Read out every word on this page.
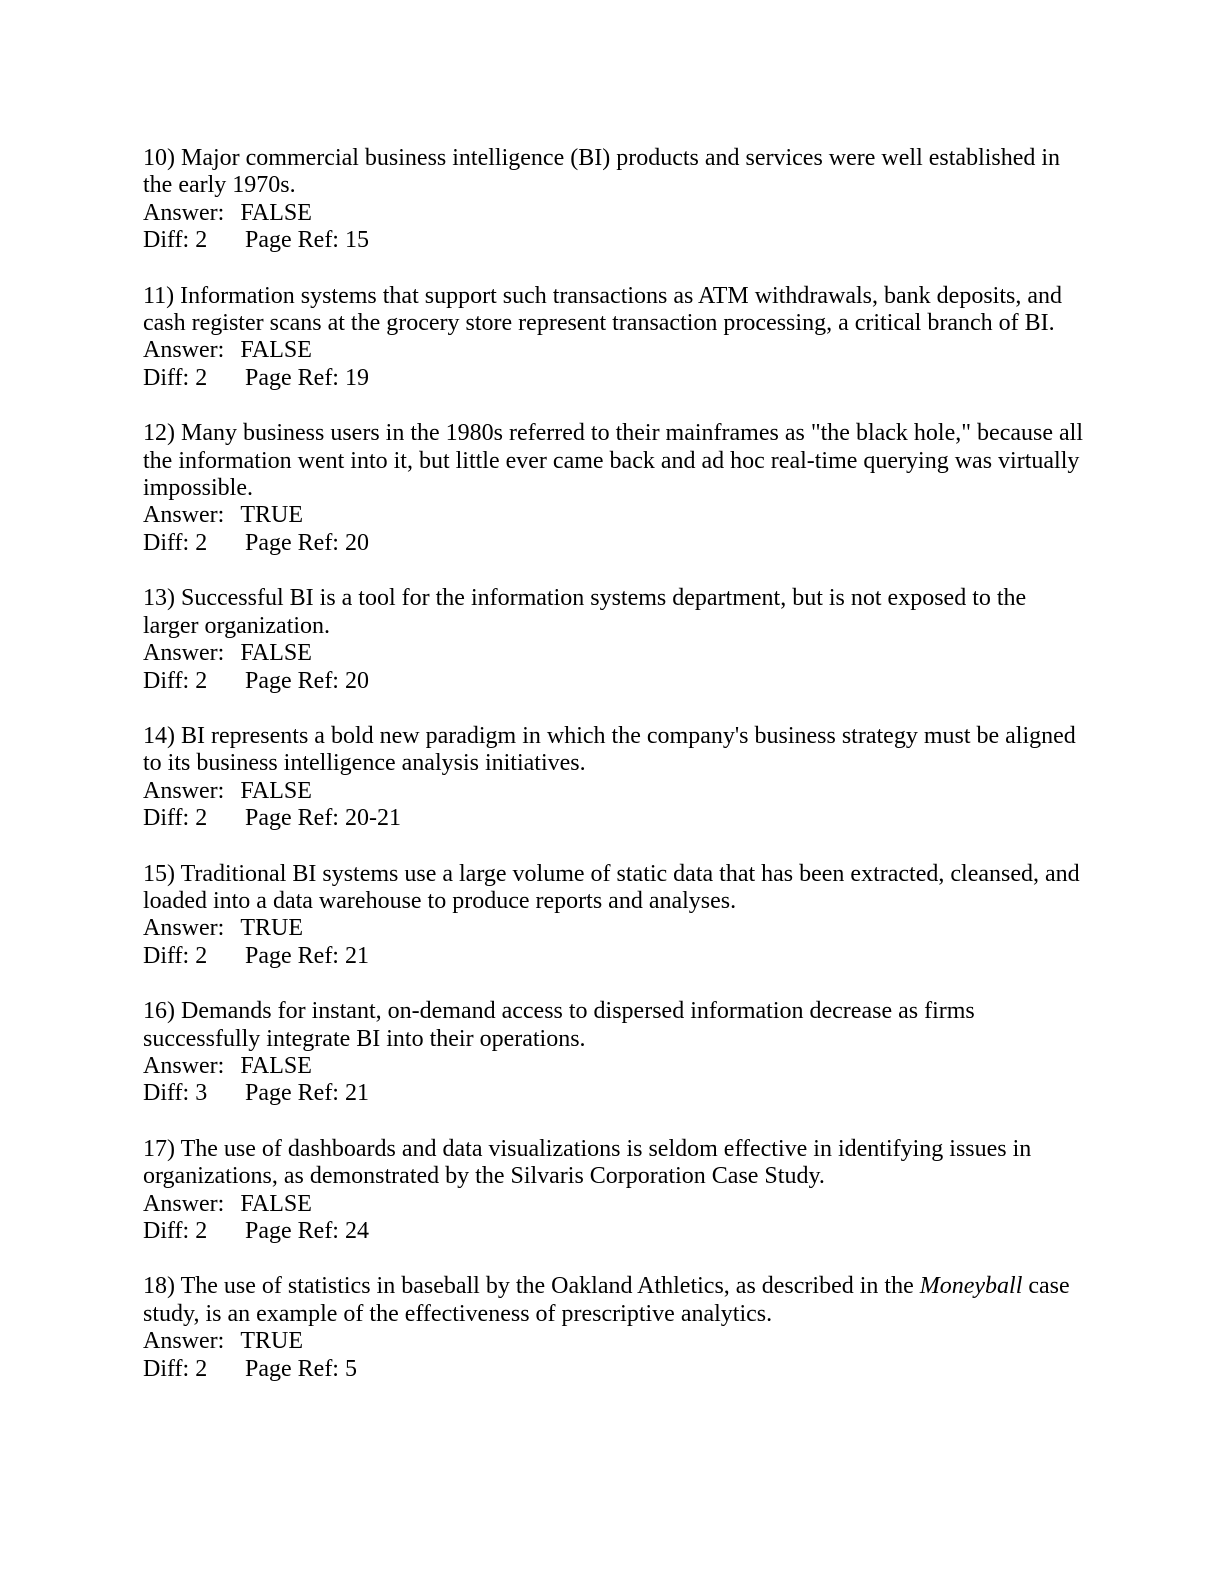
10) Major commercial business intelligence (BI) products and services were well established in the early 1970s.

Answer: FALSE

Diff: 2 Page Ref: 15

11) Information systems that support such transactions as ATM withdrawals, bank deposits, and cash register scans at the grocery store represent transaction processing, a critical branch of BI.

Answer: FALSE

Diff: 2 Page Ref: 19

12) Many business users in the 1980s referred to their mainframes as "the black hole," because all the information went into it, but little ever came back and ad hoc real-time querying was virtually impossible.

Answer: TRUE

Diff: 2 Page Ref: 20

13) Successful BI is a tool for the information systems department, but is not exposed to the larger organization.

Answer: FALSE

Diff: 2 Page Ref: 20

14) BI represents a bold new paradigm in which the company's business strategy must be aligned to its business intelligence analysis initiatives.

Answer: FALSE

Diff: 2 Page Ref: 20-21

15) Traditional BI systems use a large volume of static data that has been extracted, cleansed, and loaded into a data warehouse to produce reports and analyses.

Answer: TRUE

Diff: 2 Page Ref: 21

16) Demands for instant, on-demand access to dispersed information decrease as firms successfully integrate BI into their operations.

Answer: FALSE

Diff: 3 Page Ref: 21

17) The use of dashboards and data visualizations is seldom effective in identifying issues in organizations, as demonstrated by the Silvaris Corporation Case Study.

Answer: FALSE

Diff: 2 Page Ref: 24

18) The use of statistics in baseball by the Oakland Athletics, as described in the Moneyball case study, is an example of the effectiveness of prescriptive analytics.

Answer: TRUE

Diff: 2 Page Ref: 5
